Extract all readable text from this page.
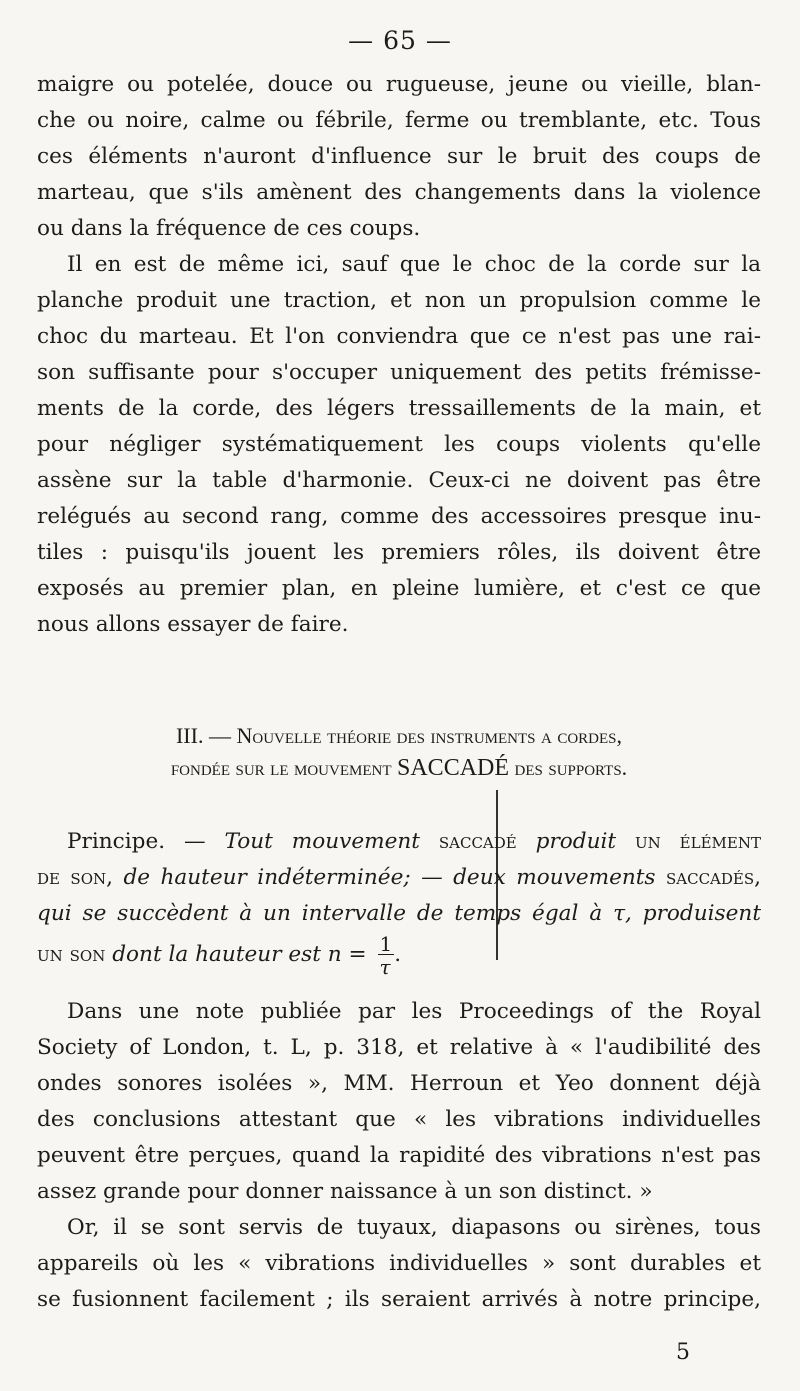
— 65 —
maigre ou potelée, douce ou rugueuse, jeune ou vieille, blan-
che ou noire, calme ou fébrile, ferme ou tremblante, etc. Tous
ces éléments n'auront d'influence sur le bruit des coups de
marteau, que s'ils amènent des changements dans la violence
ou dans la fréquence de ces coups.
Il en est de même ici, sauf que le choc de la corde sur la
planche produit une traction, et non un propulsion comme le
choc du marteau. Et l'on conviendra que ce n'est pas une rai-
son suffisante pour s'occuper uniquement des petits frémisse-
ments de la corde, des légers tressaillements de la main, et
pour négliger systématiquement les coups violents qu'elle
assène sur la table d'harmonie. Ceux-ci ne doivent pas être
relégués au second rang, comme des accessoires presque inu-
tiles : puisqu'ils jouent les premiers rôles, ils doivent être
exposés au premier plan, en pleine lumière, et c'est ce que
nous allons essayer de faire.
III. — Nouvelle théorie des instruments a cordes,
fondée sur le mouvement SACCADÉ des supports.
Principe. — Tout mouvement saccadé produit un élément
de son, de hauteur indéterminée; — deux mouvements saccadés,
qui se succèdent à un intervalle de temps égal à τ, produisent
un son dont la hauteur est $n = \frac{1}{\tau}$ .
Dans une note publiée par les Proceedings of the Royal
Society of London, t. L, p. 318, et relative à « l'audibilité des
ondes sonores isolées », MM. Herroun et Yeo donnent déjà
des conclusions attestant que « les vibrations individuelles
peuvent être perçues, quand la rapidité des vibrations n'est pas
assez grande pour donner naissance à un son distinct. »
Or, il se sont servis de tuyaux, diapasons ou sirènes, tous
appareils où les « vibrations individuelles » sont durables et
se fusionnent facilement ; ils seraient arrivés à notre principe,
5
